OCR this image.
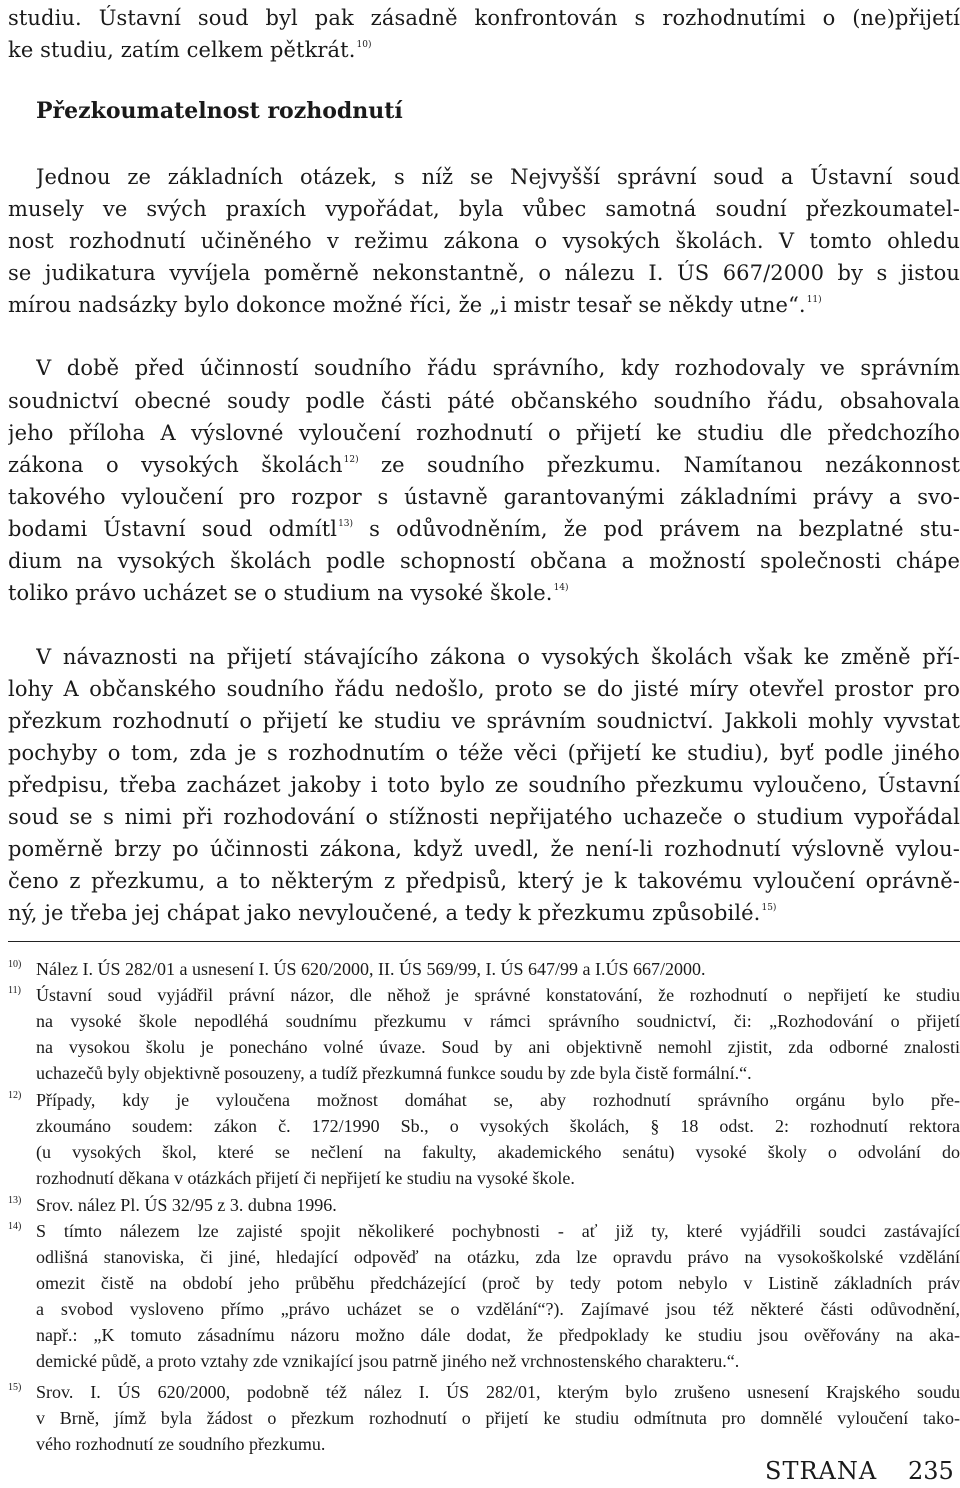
studiu. Ústavní soud byl pak zásadně konfrontován s rozhodnutími o (ne)přijetí
ke studiu, zatím celkem pětkrát.$^{10)}$
Přezkoumatelnost rozhodnutí
Jednou ze základních otázek, s níž se Nejvyšší správní soud a Ústavní soud
musely ve svých praxích vypořádat, byla vůbec samotná soudní přezkoumatel-
nost rozhodnutí učiněného v režimu zákona o vysokých školách. V tomto ohledu
se judikatura vyvíjela poměrně nekonstantně, o nálezu I. ÚS 667/2000 by s jistou
mírou nadsázky bylo dokonce možné říci, že „i mistr tesař se někdy utne“.$^{11)}$
V době před účinností soudního řádu správního, kdy rozhodovaly ve správním
soudnictví obecné soudy podle části páté občanského soudního řádu, obsahovala
jeho příloha A výslovné vyloučení rozhodnutí o přijetí ke studiu dle předchozího
zákona o vysokých školách$^{12)}$ ze soudního přezkumu. Namítanou nezákonnost
takového vyloučení pro rozpor s ústavně garantovanými základními právy a svo-
bodami Ústavní soud odmítl$^{13)}$ s odůvodněním, že pod právem na bezplatné stu-
dium na vysokých školách podle schopností občana a možností společnosti chápe
toliko právo ucházet se o studium na vysoké škole.$^{14)}$
V návaznosti na přijetí stávajícího zákona o vysokých školách však ke změně pří-
lohy A občanského soudního řádu nedošlo, proto se do jisté míry otevřel prostor pro
přezkum rozhodnutí o přijetí ke studiu ve správním soudnictví. Jakkoli mohly vyvstat
pochyby o tom, zda je s rozhodnutím o téže věci (přijetí ke studiu), byť podle jiného
předpisu, třeba zacházet jakoby i toto bylo ze soudního přezkumu vyloučeno, Ústavní
soud se s nimi při rozhodování o stížnosti nepřijatého uchazeče o studium vypořádal
poměrně brzy po účinnosti zákona, když uvedl, že není-li rozhodnutí výslovně vylou-
čeno z přezkumu, a to některým z předpisů, který je k takovému vyloučení oprávně-
ný, je třeba jej chápat jako nevyloučené, a tedy k přezkumu způsobilé.$^{15)}$
10) Nález I. ÚS 282/01 a usnesení I. ÚS 620/2000, II. ÚS 569/99, I. ÚS 647/99 a I.ÚS 667/2000.
11) Ústavní soud vyjádřil právní názor, dle něhož je správné konstatování, že rozhodnutí o nepřijetí ke studiu
na vysoké škole nepodléhá soudnímu přezkumu v rámci správního soudnictví, či: „Rozhodování o přijetí
na vysokou školu je ponecháno volné úvaze. Soud by ani objektivně nemohl zjistit, zda odborné znalosti
uchazečů byly objektivně posouzeny, a tudíž přezkumná funkce soudu by zde byla čistě formální.“.
12) Případy, kdy je vyloučena možnost domáhat se, aby rozhodnutí správního orgánu bylo pře-
zkoumáno soudem: zákon č. 172/1990 Sb., o vysokých školách, § 18 odst. 2: rozhodnutí rektora
(u vysokých škol, které se nečlení na fakulty, akademického senátu) vysoké školy o odvolání do
rozhodnutí děkana v otázkách přijetí či nepřijetí ke studiu na vysoké škole.
13) Srov. nález Pl. ÚS 32/95 z 3. dubna 1996.
14) S tímto nálezem lze zajisté spojit několikeré pochybnosti - ať již ty, které vyjádřili soudci zastávající
odlišná stanoviska, či jiné, hledající odpověď na otázku, zda lze opravdu právo na vysokoškolské vzdělání
omezit čistě na období jeho průběhu předcházející (proč by tedy potom nebylo v Listině základních práv
a svobod vysloveno přímo „právo ucházet se o vzdělání“?). Zajímavé jsou též některé části odůvodnění,
např.: „K tomuto zásadnímu názoru možno dále dodat, že předpoklady ke studiu jsou ověřovány na aka-
demické půdě, a proto vztahy zde vznikající jsou patrně jiného než vrchnostenského charakteru.“.
15) Srov. I. ÚS 620/2000, podobně též nález I. ÚS 282/01, kterým bylo zrušeno usnesení Krajského soudu
v Brně, jímž byla žádost o přezkum rozhodnutí o přijetí ke studiu odmítnuta pro domnělé vyloučení tako-
vého rozhodnutí ze soudního přezkumu.
STRANA 235
